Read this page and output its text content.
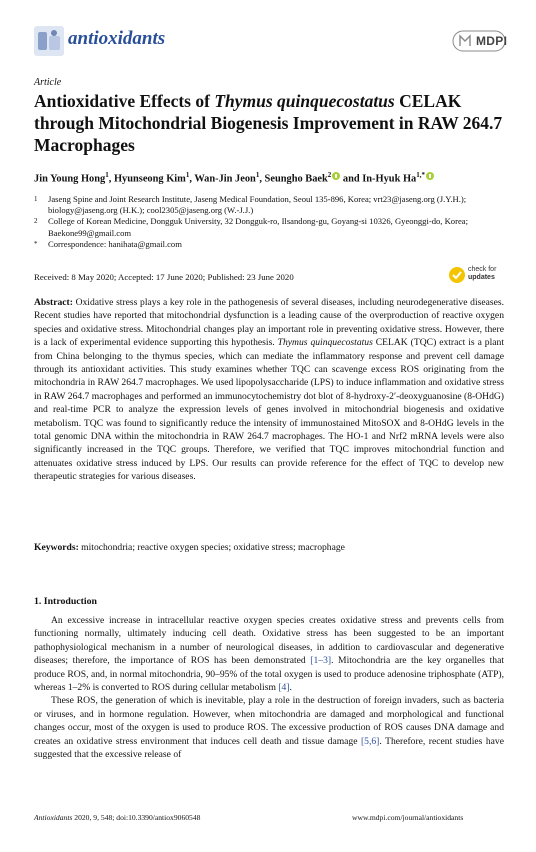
antioxidants	MDPI
Article
Antioxidative Effects of Thymus quinquecostatus CELAK through Mitochondrial Biogenesis Improvement in RAW 264.7 Macrophages
Jin Young Hong$^1$, Hyunseong Kim$^1$, Wan-Jin Jeon$^1$, Seungho Baek$^2$ and In-Hyuk $Ha^{1,*}$
1	Jaseng Spine and Joint Research Institute, Jaseng Medical Foundation, Seoul 135-896, Korea; vrt23@jaseng.org (J.Y.H.); biology@jaseng.org (H.K.); cool2305@jaseng.org (W.-J.J.)
2	College of Korean Medicine, Dongguk University, 32 Dongguk-ro, Ilsandong-gu, Goyang-si 10326, Gyeonggi-do, Korea; Baekone99@gmail.com
*	Correspondence: hanihata@gmail.com
Received: 8 May 2020; Accepted: 17 June 2020; Published: 23 June 2020
check for
updates
Abstract: Oxidative stress plays a key role in the pathogenesis of several diseases, including neurodegenerative diseases. Recent studies have reported that mitochondrial dysfunction is a leading cause of the overproduction of reactive oxygen species and oxidative stress. Mitochondrial changes play an important role in preventing oxidative stress. However, there is a lack of experimental evidence supporting this hypothesis. Thymus quinquecostatus CELAK (TQC) extract is a plant from China belonging to the thymus species, which can mediate the inflammatory response and prevent cell damage through its antioxidant activities. This study examines whether TQC can scavenge excess ROS originating from the mitochondria in RAW 264.7 macrophages. We used lipopolysaccharide (LPS) to induce inflammation and oxidative stress in RAW 264.7 macrophages and performed an immunocytochemistry dot blot of 8-hydroxy-2′-deoxyguanosine (8-OHdG) and real-time PCR to analyze the expression levels of genes involved in mitochondrial biogenesis and oxidative metabolism. TQC was found to significantly reduce the intensity of immunostained MitoSOX and 8-OHdG levels in the total genomic DNA within the mitochondria in RAW 264.7 macrophages. The HO-1 and Nrf2 mRNA levels were also significantly increased in the TQC groups. Therefore, we verified that TQC improves mitochondrial function and attenuates oxidative stress induced by LPS. Our results can provide reference for the effect of TQC to develop new therapeutic strategies for various diseases.
Keywords: mitochondria; reactive oxygen species; oxidative stress; macrophage
1. Introduction

An excessive increase in intracellular reactive oxygen species creates oxidative stress and prevents cells from functioning normally, ultimately inducing cell death. Oxidative stress has been suggested to be an important pathophysiological mechanism in a number of neurological diseases, in addition to cardiovascular and degenerative diseases; therefore, the importance of ROS has been demonstrated [1–3]. Mitochondria are the key organelles that produce ROS, and, in normal mitochondria, 90–95% of the total oxygen is used to produce adenosine triphosphate (ATP), whereas 1–2% is converted to ROS during cellular metabolism [4].

These ROS, the generation of which is inevitable, play a role in the destruction of foreign invaders, such as bacteria or viruses, and in hormone regulation. However, when mitochondria are damaged and morphological and functional changes occur, most of the oxygen is used to produce ROS. The excessive production of ROS causes DNA damage and creates an oxidative stress environment that induces cell death and tissue damage [5,6]. Therefore, recent studies have suggested that the excessive release of

Antioxidants 2020, 9, 548; doi:10.3390/antiox9060548	www.mdpi.com/journal/antioxidants
